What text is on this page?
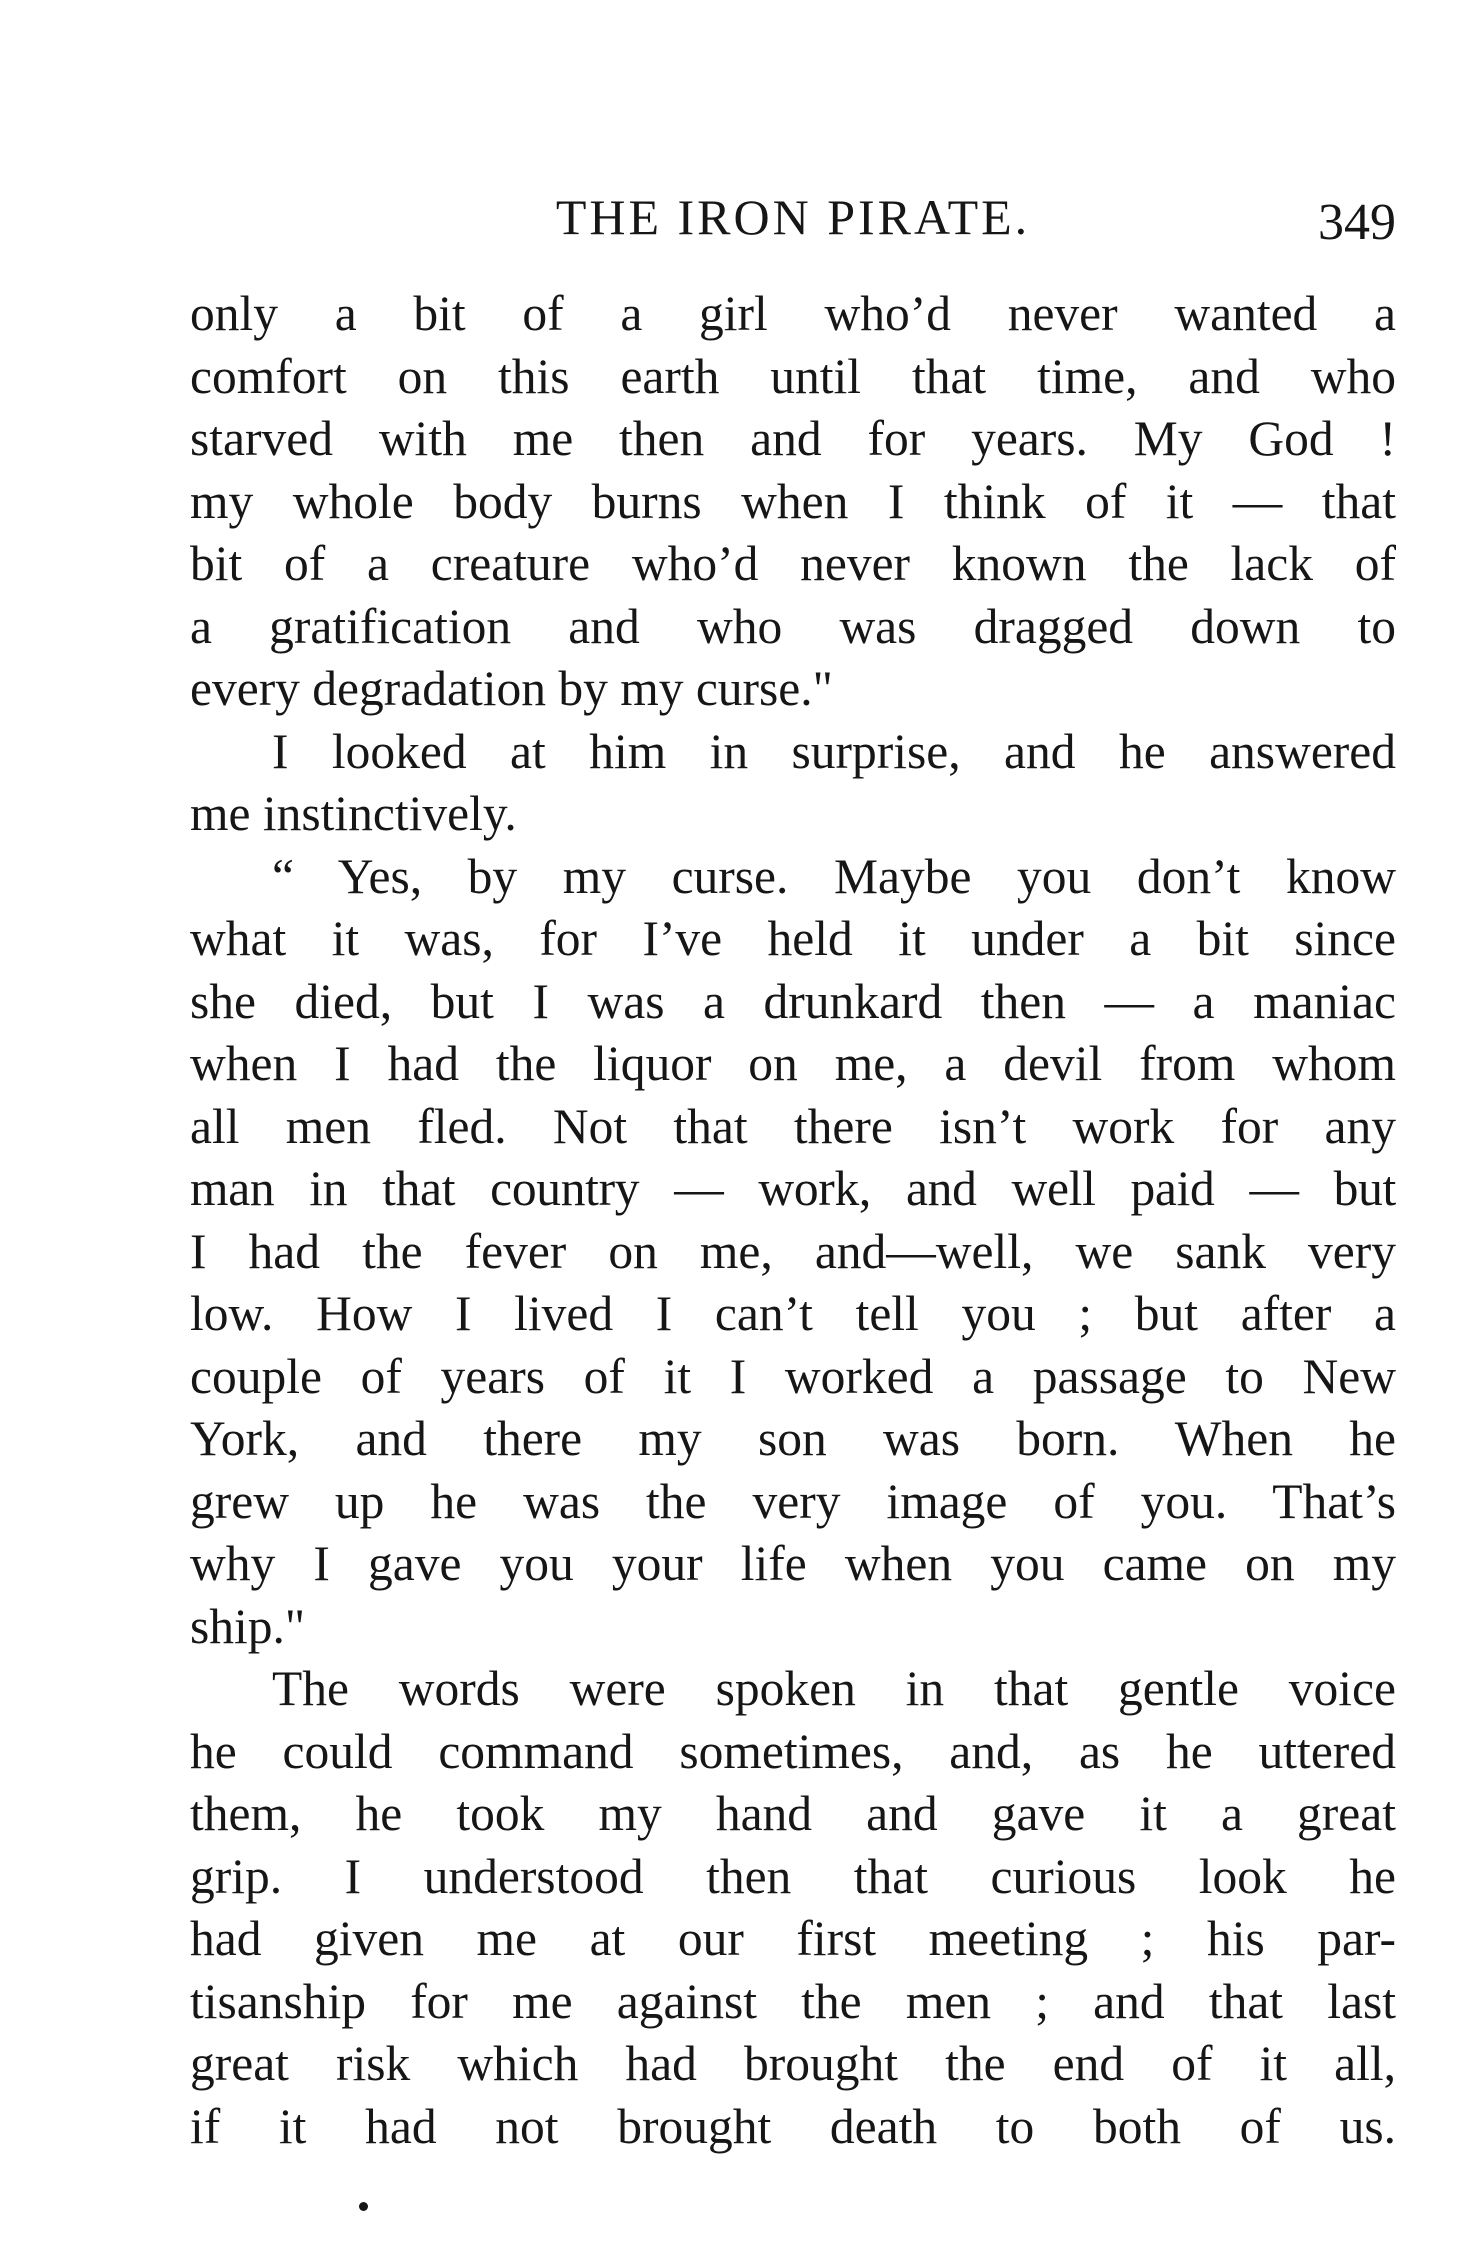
THE IRON PIRATE.	349
only a bit of a girl who’d never wanted a
comfort on this earth until that time, and who
starved with me then and for years. My God !
my whole body burns when I think of it — that
bit of a creature who’d never known the lack of
a gratification and who was dragged down to
every degradation by my curse."
I looked at him in surprise, and he answered
me instinctively.
“ Yes, by my curse. Maybe you don’t know
what it was, for I’ve held it under a bit since
she died, but I was a drunkard then — a maniac
when I had the liquor on me, a devil from whom
all men fled. Not that there isn’t work for any
man in that country — work, and well paid — but
I had the fever on me, and—well, we sank very
low. How I lived I can’t tell you ; but after a
couple of years of it I worked a passage to New
York, and there my son was born. When he
grew up he was the very image of you. That’s
why I gave you your life when you came on my
ship."
The words were spoken in that gentle voice
he could command sometimes, and, as he uttered
them, he took my hand and gave it a great
grip. I understood then that curious look he
had given me at our first meeting ; his par-
tisanship for me against the men ; and that last
great risk which had brought the end of it all,
if it had not brought death to both of us.
